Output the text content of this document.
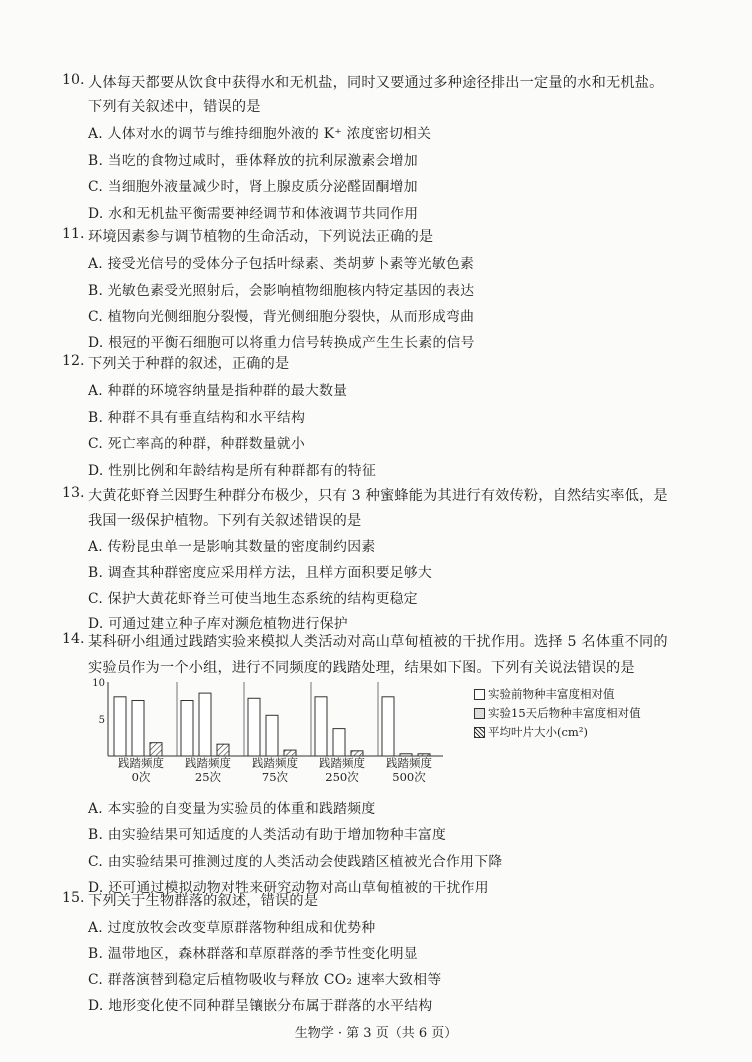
10. 人体每天都要从饮食中获得水和无机盐，同时又要通过多种途径排出一定量的水和无机盐。
下列有关叙述中，错误的是
A. 人体对水的调节与维持细胞外液的 K⁺ 浓度密切相关
B. 当吃的食物过咸时，垂体释放的抗利尿激素会增加
C. 当细胞外液量减少时，肾上腺皮质分泌醛固酮增加
D. 水和无机盐平衡需要神经调节和体液调节共同作用
11. 环境因素参与调节植物的生命活动，下列说法正确的是
A. 接受光信号的受体分子包括叶绿素、类胡萝卜素等光敏色素
B. 光敏色素受光照射后，会影响植物细胞核内特定基因的表达
C. 植物向光侧细胞分裂慢，背光侧细胞分裂快，从而形成弯曲
D. 根冠的平衡石细胞可以将重力信号转换成产生生长素的信号
12. 下列关于种群的叙述，正确的是
A. 种群的环境容纳量是指种群的最大数量
B. 种群不具有垂直结构和水平结构
C. 死亡率高的种群，种群数量就小
D. 性别比例和年龄结构是所有种群都有的特征
13. 大黄花虾脊兰因野生种群分布极少，只有 3 种蜜蜂能为其进行有效传粉，自然结实率低，是
我国一级保护植物。下列有关叙述错误的是
A. 传粉昆虫单一是影响其数量的密度制约因素
B. 调查其种群密度应采用样方法，且样方面积要足够大
C. 保护大黄花虾脊兰可使当地生态系统的结构更稳定
D. 可通过建立种子库对濒危植物进行保护
14. 某科研小组通过践踏实验来模拟人类活动对高山草甸植被的干扰作用。选择 5 名体重不同的
实验员作为一个小组，进行不同频度的践踏处理，结果如下图。下列有关说法错误的是
A. 本实验的自变量为实验员的体重和践踏频度
B. 由实验结果可知适度的人类活动有助于增加物种丰富度
C. 由实验结果可推测过度的人类活动会使践踏区植被光合作用下降
D. 还可通过模拟动物对牲来研究动物对高山草甸植被的干扰作用
15. 下列关于生物群落的叙述，错误的是
A. 过度放牧会改变草原群落物种组成和优势种
B. 温带地区，森林群落和草原群落的季节性变化明显
C. 群落演替到稳定后植物吸收与释放 CO₂ 速率大致相等
D. 地形变化使不同种群呈镶嵌分布属于群落的水平结构
10
5
实验前物种丰富度相对值
实验15天后物种丰富度相对值
平均叶片大小(cm²)
践踏频度
0次
践踏频度
25次
践踏频度
75次
践踏频度
250次
践踏频度
500次
生物学 · 第 3 页（共 6 页）
